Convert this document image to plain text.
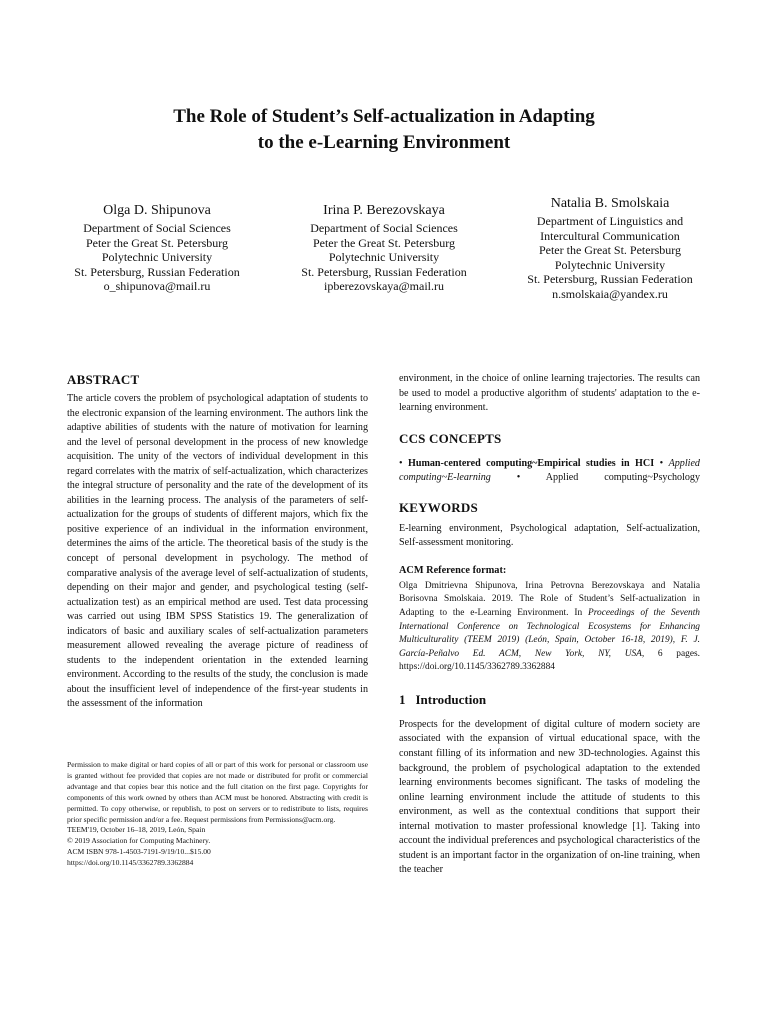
The Role of Student’s Self-actualization in Adapting
to the e-Learning Environment
Olga D. Shipunova
Department of Social Sciences
Peter the Great St. Petersburg
Polytechnic University
St. Petersburg, Russian Federation
o_shipunova@mail.ru
Irina P. Berezovskaya
Department of Social Sciences
Peter the Great St. Petersburg
Polytechnic University
St. Petersburg, Russian Federation
ipberezovskaya@mail.ru
Natalia B. Smolskaia
Department of Linguistics and
Intercultural Communication
Peter the Great St. Petersburg
Polytechnic University
St. Petersburg, Russian Federation
n.smolskaia@yandex.ru
ABSTRACT

The article covers the problem of psychological adaptation of students to the electronic expansion of the learning environment. The authors link the adaptive abilities of students with the nature of motivation for learning and the level of personal development in the process of new knowledge acquisition. The unity of the vectors of individual development in this regard correlates with the matrix of self-actualization, which characterizes the integral structure of personality and the rate of the development of its abilities in the learning process. The analysis of the parameters of self-actualization for the groups of students of different majors, which fix the positive experience of an individual in the information environment, determines the aims of the article. The theoretical basis of the study is the concept of personal development in psychology. The method of comparative analysis of the average level of self-actualization of students, depending on their major and gender, and psychological testing (self-actualization test) as an empirical method are used. Test data processing was carried out using IBM SPSS Statistics 19. The generalization of indicators of basic and auxiliary scales of self-actualization parameters measurement allowed revealing the average picture of readiness of students to the independent orientation in the extended learning environment. According to the results of the study, the conclusion is made about the insufficient level of independence of the first-year students in the assessment of the information

Permission to make digital or hard copies of all or part of this work for personal or classroom use is granted without fee provided that copies are not made or distributed for profit or commercial advantage and that copies bear this notice and the full citation on the first page. Copyrights for components of this work owned by others than ACM must be honored. Abstracting with credit is permitted. To copy otherwise, or republish, to post on servers or to redistribute to lists, requires prior specific permission and/or a fee. Request permissions from Permissions@acm.org.

TEEM'19, October 16–18, 2019, León, Spain
© 2019 Association for Computing Machinery.
ACM ISBN 978-1-4503-7191-9/19/10...$15.00
https://doi.org/10.1145/3362789.3362884

environment, in the choice of online learning trajectories. The results can be used to model a productive algorithm of students' adaptation to the e-learning environment.

CCS CONCEPTS

• Human-centered computing~Empirical studies in HCI • Applied computing~E-learning	•	Applied computing~Psychology

KEYWORDS

E-learning environment, Psychological adaptation, Self-actualization, Self-assessment monitoring.

ACM Reference format:

Olga Dmitrievna Shipunova, Irina Petrovna Berezovskaya and Natalia Borisovna Smolskaia. 2019. The Role of Student’s Self-actualization in Adapting to the e-Learning Environment. In Proceedings of the Seventh International Conference on Technological Ecosystems for Enhancing Multiculturality (TEEM 2019) (León, Spain, October 16-18, 2019), F. J. García-Peñalvo Ed. ACM, New York, NY, USA, 6 pages. https://doi.org/10.1145/3362789.3362884

1 Introduction

Prospects for the development of digital culture of modern society are associated with the expansion of virtual educational space, with the constant filling of its information and new 3D-technologies. Against this background, the problem of psychological adaptation to the extended learning environments becomes significant. The tasks of modeling the online learning environment include the attitude of students to this environment, as well as the contextual conditions that support their internal motivation to master professional knowledge [1]. Taking into account the individual preferences and psychological characteristics of the student is an important factor in the organization of on-line training, when the teacher
